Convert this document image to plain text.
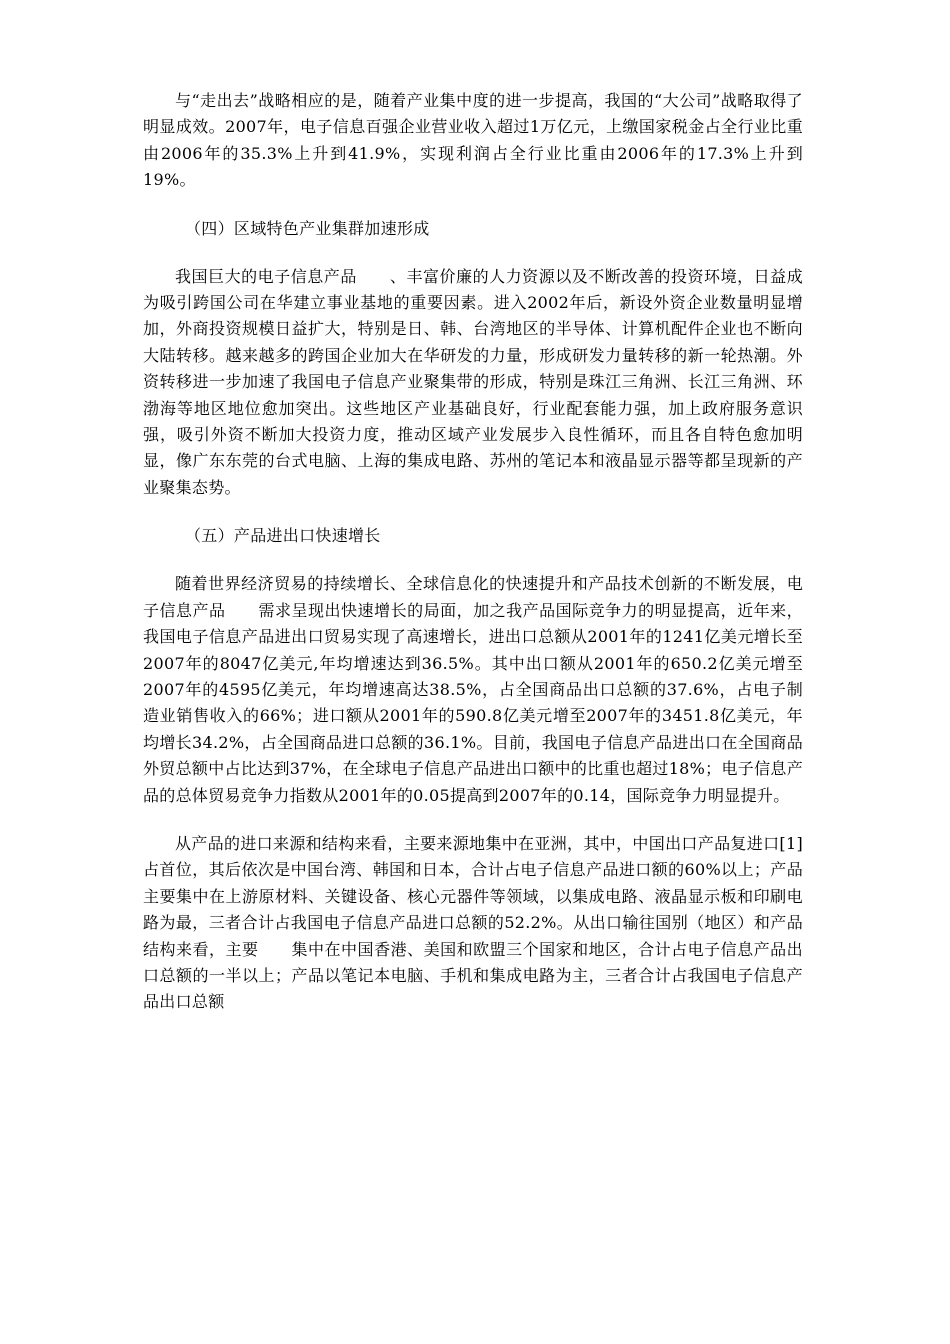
与“走出去”战略相应的是，随着产业集中度的进一步提高，我国的“大公司”战略取得了明显成效。2007年，电子信息百强企业营业收入超过1万亿元，上缴国家税金占全行业比重由2006年的35.3%上升到41.9%，实现利润占全行业比重由2006年的17.3%上升到19%。

（四）区域特色产业集群加速形成

我国巨大的电子信息产品　　、丰富价廉的人力资源以及不断改善的投资环境，日益成为吸引跨国公司在华建立事业基地的重要因素。进入2002年后，新设外资企业数量明显增加，外商投资规模日益扩大，特别是日、韩、台湾地区的半导体、计算机配件企业也不断向大陆转移。越来越多的跨国企业加大在华研发的力量，形成研发力量转移的新一轮热潮。外资转移进一步加速了我国电子信息产业聚集带的形成，特别是珠江三角洲、长江三角洲、环渤海等地区地位愈加突出。这些地区产业基础良好，行业配套能力强，加上政府服务意识强，吸引外资不断加大投资力度，推动区域产业发展步入良性循环，而且各自特色愈加明显，像广东东莞的台式电脑、上海的集成电路、苏州的笔记本和液晶显示器等都呈现新的产业聚集态势。

（五）产品进出口快速增长

随着世界经济贸易的持续增长、全球信息化的快速提升和产品技术创新的不断发展，电子信息产品　　需求呈现出快速增长的局面，加之我产品国际竞争力的明显提高，近年来，我国电子信息产品进出口贸易实现了高速增长，进出口总额从2001年的1241亿美元增长至2007年的8047亿美元,年均增速达到36.5%。其中出口额从2001年的650.2亿美元增至2007年的4595亿美元，年均增速高达38.5%，占全国商品出口总额的37.6%，占电子制造业销售收入的66%；进口额从2001年的590.8亿美元增至2007年的3451.8亿美元，年均增长34.2%，占全国商品进口总额的36.1%。目前，我国电子信息产品进出口在全国商品外贸总额中占比达到37%，在全球电子信息产品进出口额中的比重也超过18%；电子信息产品的总体贸易竞争力指数从2001年的0.05提高到2007年的0.14，国际竞争力明显提升。

从产品的进口来源和结构来看，主要来源地集中在亚洲，其中，中国出口产品复进口[1]占首位，其后依次是中国台湾、韩国和日本，合计占电子信息产品进口额的60%以上；产品主要集中在上游原材料、关键设备、核心元器件等领域，以集成电路、液晶显示板和印刷电路为最，三者合计占我国电子信息产品进口总额的52.2%。从出口输往国别（地区）和产品结构来看，主要　　集中在中国香港、美国和欧盟三个国家和地区，合计占电子信息产品出口总额的一半以上；产品以笔记本电脑、手机和集成电路为主，三者合计占我国电子信息产品出口总额
